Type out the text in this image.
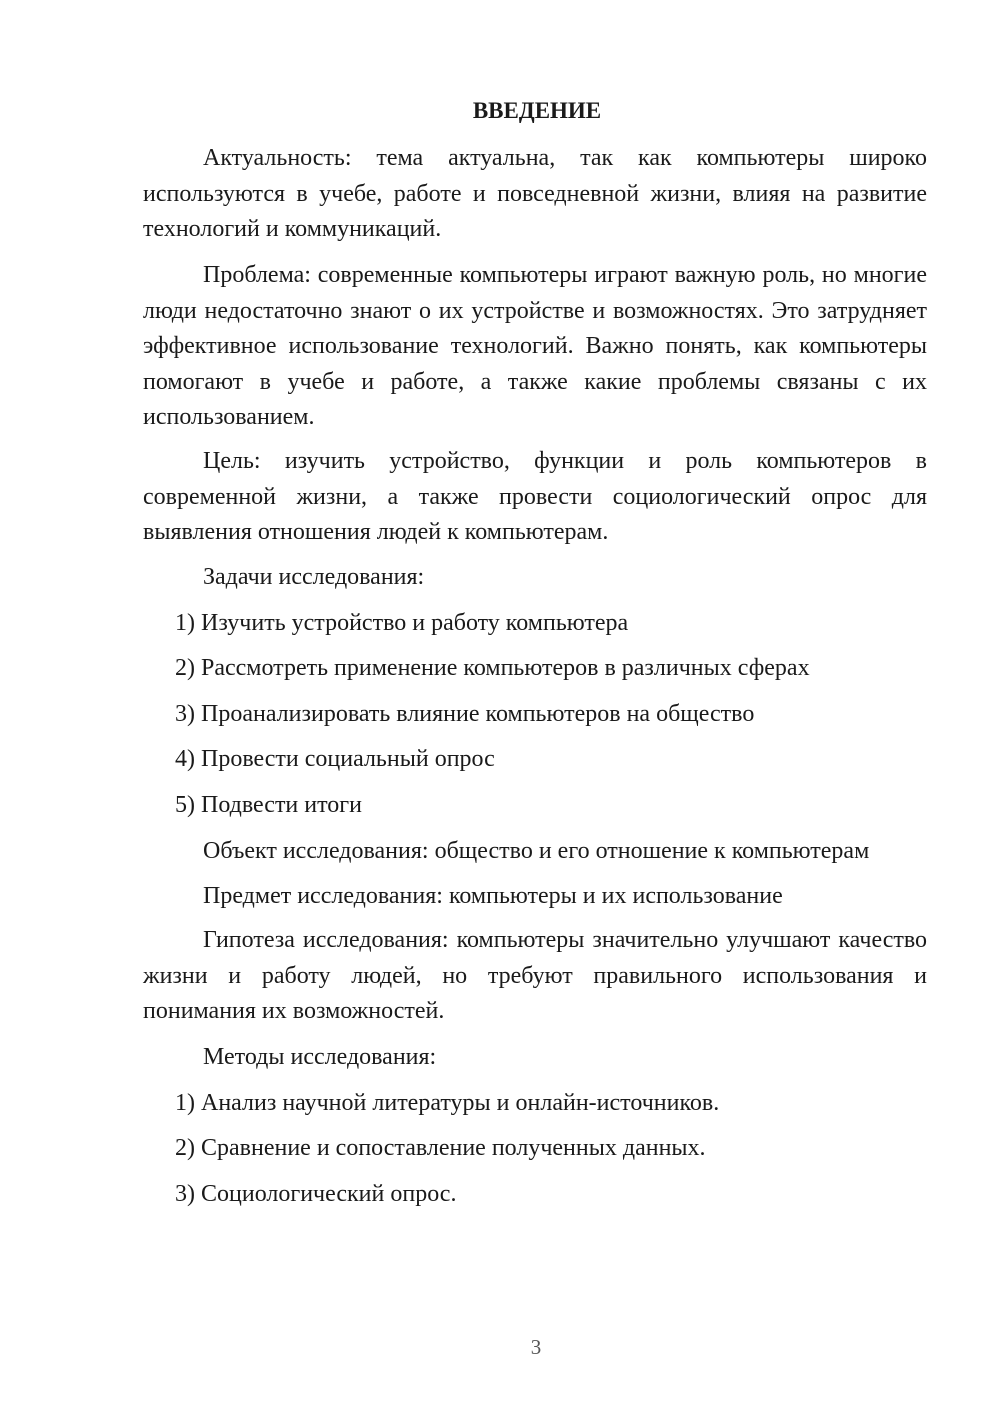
ВВЕДЕНИЕ

Актуальность: тема актуальна, так как компьютеры широко используются в учебе, работе и повседневной жизни, влияя на развитие технологий и коммуникаций.

Проблема: современные компьютеры играют важную роль, но многие люди недостаточно знают о их устройстве и возможностях. Это затрудняет эффективное использование технологий. Важно понять, как компьютеры помогают в учебе и работе, а также какие проблемы связаны с их использованием.

Цель: изучить устройство, функции и роль компьютеров в современной жизни, а также провести социологический опрос для выявления отношения людей к компьютерам.

Задачи исследования:

1) Изучить устройство и работу компьютера

2) Рассмотреть применение компьютеров в различных сферах

3) Проанализировать влияние компьютеров на общество

4) Провести социальный опрос

5) Подвести итоги

Объект исследования: общество и его отношение к компьютерам

Предмет исследования: компьютеры и их использование

Гипотеза исследования: компьютеры значительно улучшают качество жизни и работу людей, но требуют правильного использования и понимания их возможностей.

Методы исследования:

1) Анализ научной литературы и онлайн-источников.

2) Сравнение и сопоставление полученных данных.

3) Социологический опрос.

3
